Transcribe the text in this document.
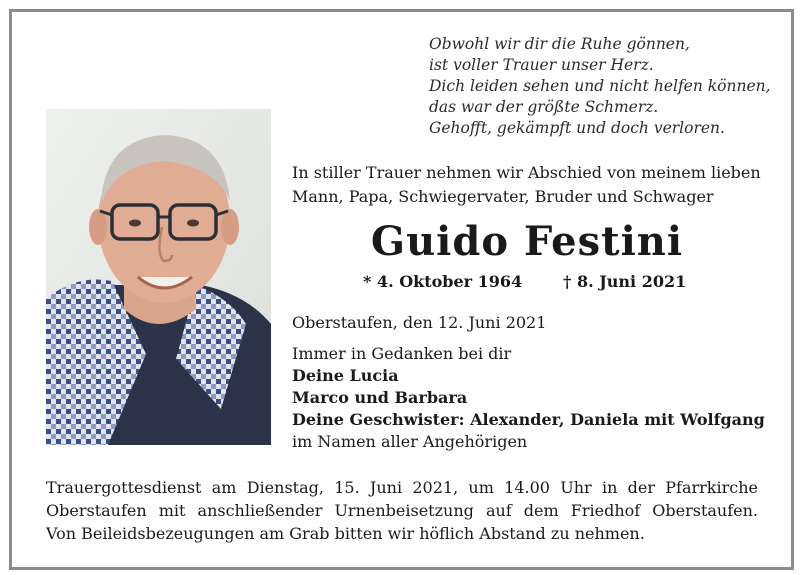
Obwohl wir dir die Ruhe gönnen,
ist voller Trauer unser Herz.
Dich leiden sehen und nicht helfen können,
das war der größte Schmerz.
Gehofft, gekämpft und doch verloren.
In stiller Trauer nehmen wir Abschied von meinem lieben
Mann, Papa, Schwiegervater, Bruder und Schwager
Guido Festini
* 4. Oktober 1964	† 8. Juni 2021
Oberstaufen, den 12. Juni 2021
Immer in Gedanken bei dir
Deine Lucia
Marco und Barbara
Deine Geschwister: Alexander, Daniela mit Wolfgang
im Namen aller Angehörigen
Trauergottesdienst am Dienstag, 15. Juni 2021, um 14.00 Uhr in der Pfarrkirche
Oberstaufen mit anschließender Urnenbeisetzung auf dem Friedhof Oberstaufen.
Von Beileidsbezeugungen am Grab bitten wir höflich Abstand zu nehmen.
